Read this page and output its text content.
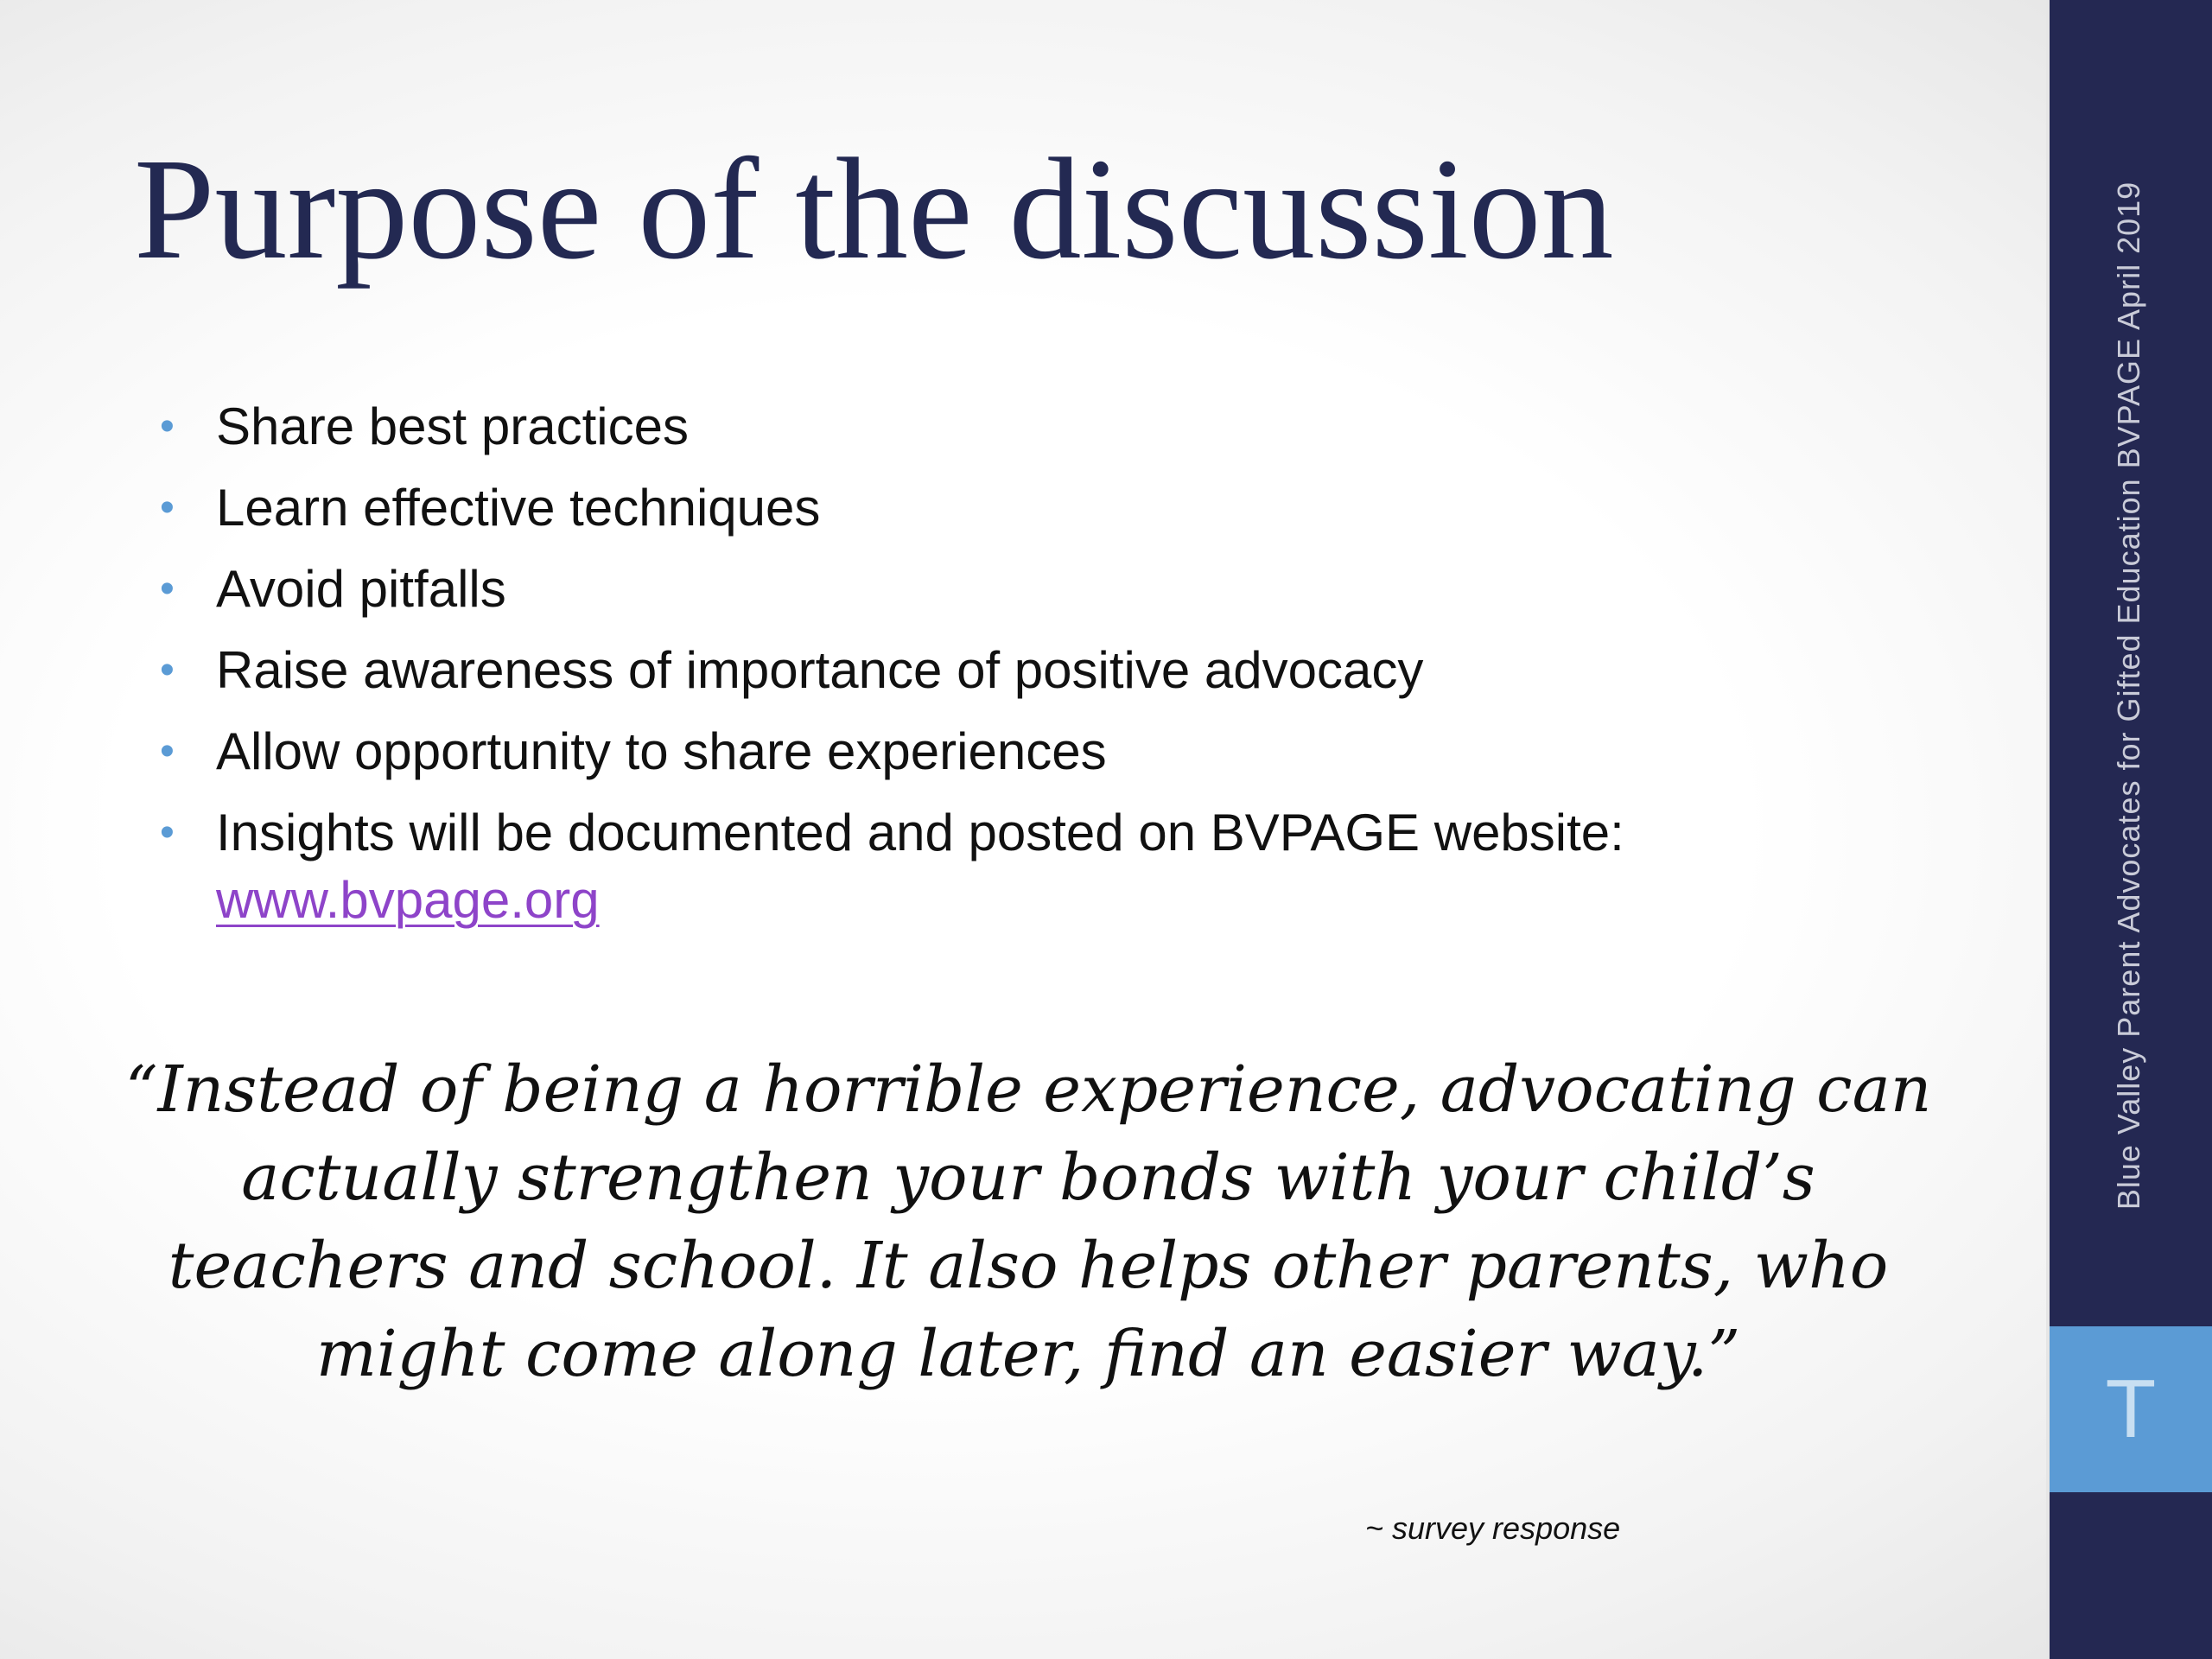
Purpose of the discussion
• Share best practices
• Learn effective techniques
• Avoid pitfalls
• Raise awareness of importance of positive advocacy
• Allow opportunity to share experiences
• Insights will be documented and posted on BVPAGE website:
www.bvpage.org

“Instead of being a horrible experience, advocating can actually strengthen your bonds with your child’s teachers and school. It also helps other parents, who might come along later, find an easier way.”

~ survey response
Blue Valley Parent Advocates for Gifted Education BVPAGE April 2019
T
